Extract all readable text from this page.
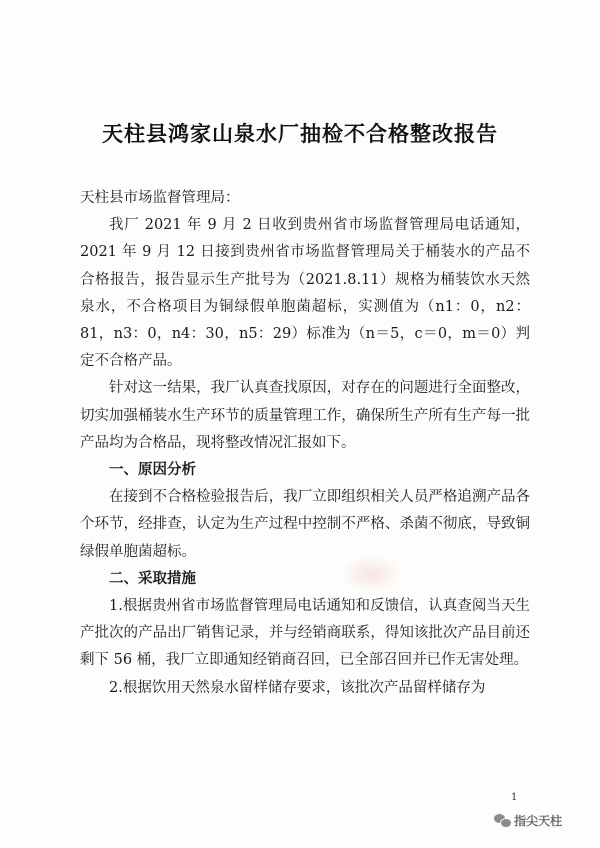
天柱县鸿家山泉水厂抽检不合格整改报告

天柱县市场监督管理局：

我厂 2021 年 9 月 2 日收到贵州省市场监督管理局电话通知，2021 年 9 月 12 日接到贵州省市场监督管理局关于桶装水的产品不合格报告，报告显示生产批号为（2021.8.11）规格为桶装饮水天然泉水，不合格项目为铜绿假单胞菌超标，实测值为（n1：0，n2：81，n3：0，n4：30，n5：29）标准为（n＝5，c＝0，m＝0）判定不合格产品。

针对这一结果，我厂认真查找原因，对存在的问题进行全面整改，切实加强桶装水生产环节的质量管理工作，确保所生产所有生产每一批产品均为合格品，现将整改情况汇报如下。

一、原因分析

在接到不合格检验报告后，我厂立即组织相关人员严格追溯产品各个环节，经排查，认定为生产过程中控制不严格、杀菌不彻底，导致铜绿假单胞菌超标。

二、采取措施

1.根据贵州省市场监督管理局电话通知和反馈信，认真查阅当天生产批次的产品出厂销售记录，并与经销商联系，得知该批次产品目前还剩下 56 桶，我厂立即通知经销商召回，已全部召回并已作无害处理。

2.根据饮用天然泉水留样储存要求，该批次产品留样储存为

1
指尖天柱
